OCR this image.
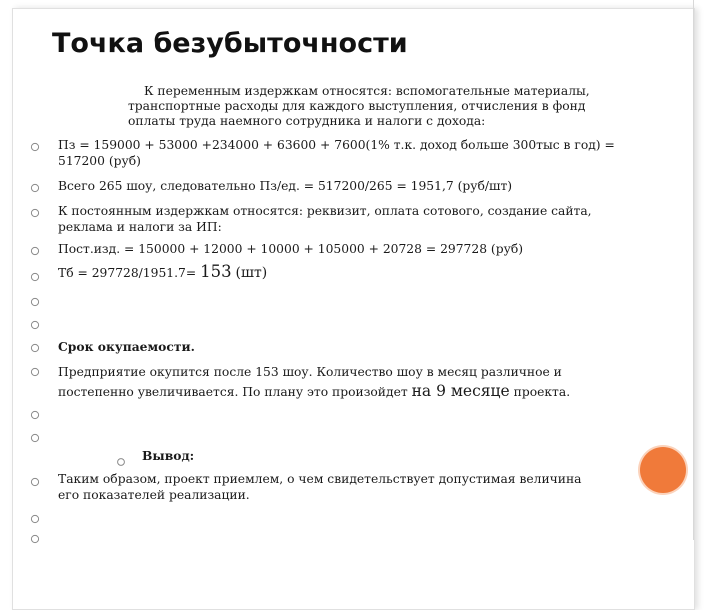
Точка безубыточности
К переменным издержкам относятся: вспомогательные материалы,
транспортные расходы для каждого выступления, отчисления в фонд
оплаты труда наемного сотрудника и налоги с дохода:
Пз = 159000 + 53000 +234000 + 63600 + 7600(1% т.к. доход больше 300тыс в год) =
517200 (руб)
Всего 265 шоу, следовательно Пз/ед. = 517200/265 = 1951,7 (руб/шт)
К постоянным издержкам относятся: реквизит, оплата сотового, создание сайта,
реклама и налоги за ИП:
Пост.изд. = 150000 + 12000 + 10000 + 105000 + 20728 = 297728 (руб)
Тб = 297728/1951.7= 153 (шт)
Срок окупаемости.
Предприятие окупится после 153 шоу. Количество шоу в месяц различное и
постепенно увеличивается. По плану это произойдет на 9 месяце проекта.
Вывод:
Таким образом, проект приемлем, о чем свидетельствует допустимая величина
его показателей реализации.
